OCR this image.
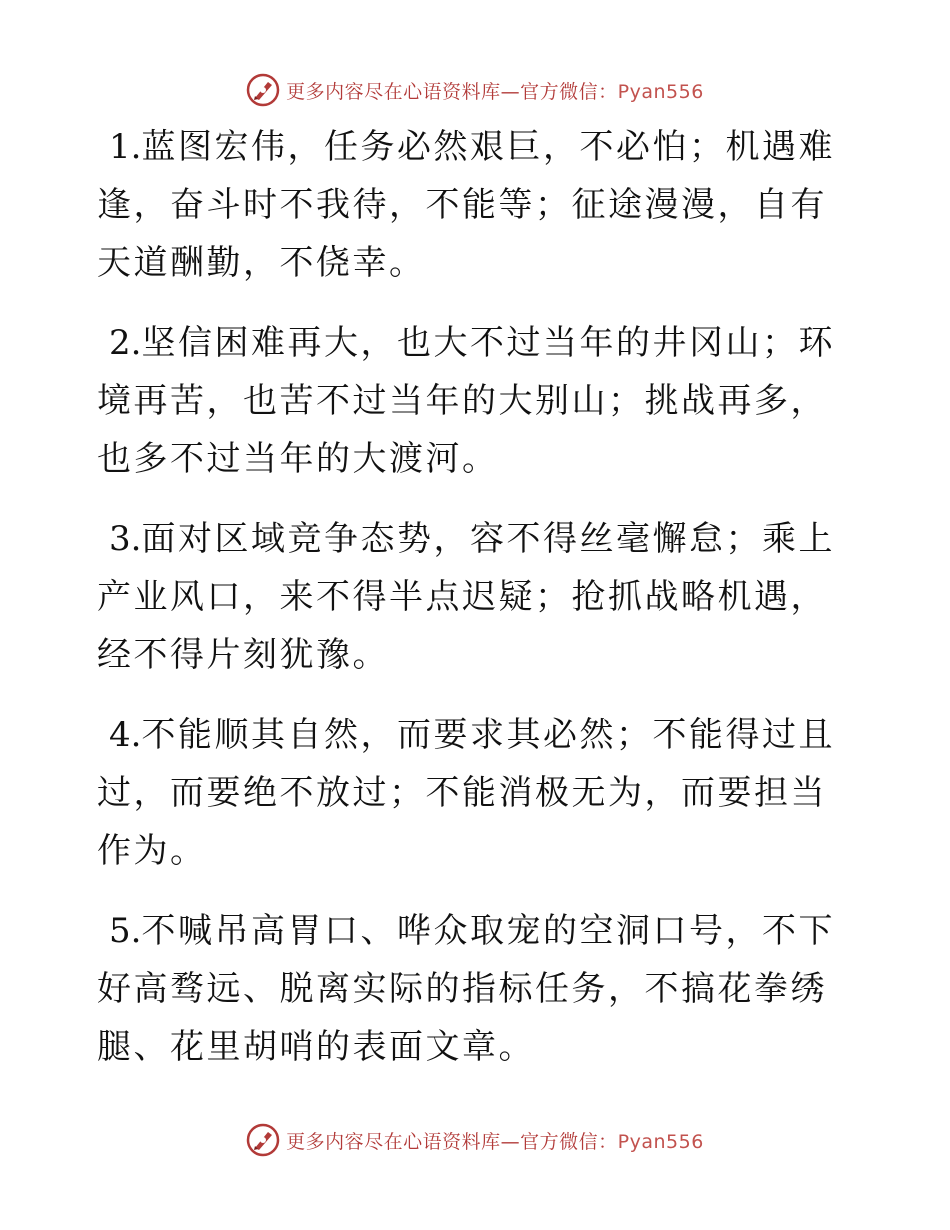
更多内容尽在心语资料库—官方微信：Pyan556

1.蓝图宏伟，任务必然艰巨，不必怕；机遇难逢，奋斗时不我待，不能等；征途漫漫，自有天道酬勤，不侥幸。

2.坚信困难再大，也大不过当年的井冈山；环境再苦，也苦不过当年的大别山；挑战再多，也多不过当年的大渡河。

3.面对区域竞争态势，容不得丝毫懈怠；乘上产业风口，来不得半点迟疑；抢抓战略机遇，经不得片刻犹豫。

4.不能顺其自然，而要求其必然；不能得过且过，而要绝不放过；不能消极无为，而要担当作为。

5.不喊吊高胃口、哗众取宠的空洞口号，不下好高骛远、脱离实际的指标任务，不搞花拳绣腿、花里胡哨的表面文章。

更多内容尽在心语资料库—官方微信：Pyan556
